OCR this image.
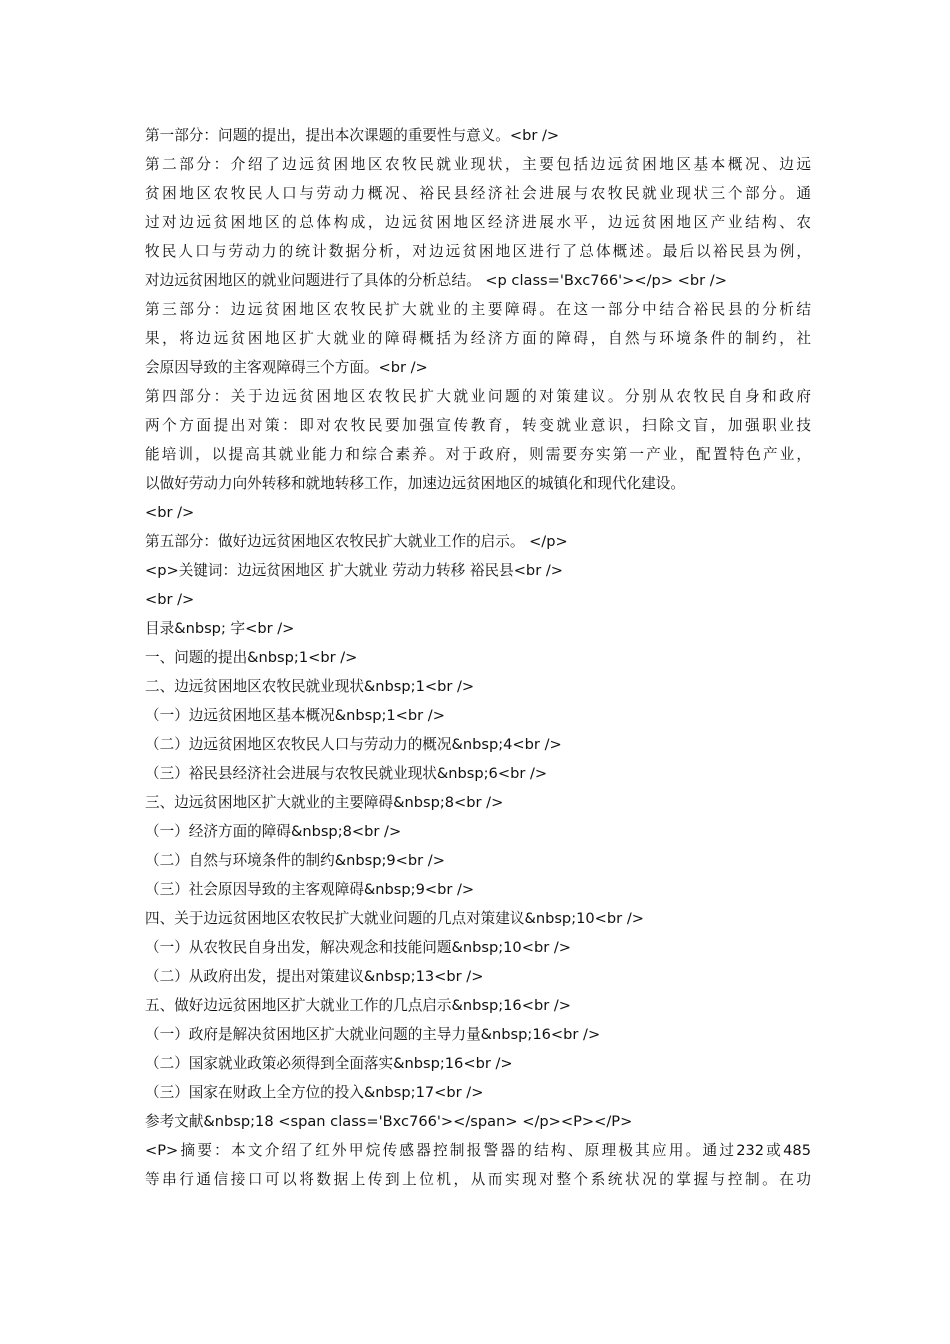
第一部分：问题的提出，提出本次课题的重要性与意义。<br />
第二部分：介绍了边远贫困地区农牧民就业现状，主要包括边远贫困地区基本概况、边远
贫困地区农牧民人口与劳动力概况、裕民县经济社会进展与农牧民就业现状三个部分。通
过对边远贫困地区的总体构成，边远贫困地区经济进展水平，边远贫困地区产业结构、农
牧民人口与劳动力的统计数据分析，对边远贫困地区进行了总体概述。最后以裕民县为例，
对边远贫困地区的就业问题进行了具体的分析总结。 <p class='Bxc766'></p> <br />
第三部分：边远贫困地区农牧民扩大就业的主要障碍。在这一部分中结合裕民县的分析结
果，将边远贫困地区扩大就业的障碍概括为经济方面的障碍，自然与环境条件的制约，社
会原因导致的主客观障碍三个方面。<br />
第四部分：关于边远贫困地区农牧民扩大就业问题的对策建议。分别从农牧民自身和政府
两个方面提出对策：即对农牧民要加强宣传教育，转变就业意识，扫除文盲，加强职业技
能培训，以提高其就业能力和综合素养。对于政府，则需要夯实第一产业，配置特色产业，
以做好劳动力向外转移和就地转移工作，加速边远贫困地区的城镇化和现代化建设。
<br />
第五部分：做好边远贫困地区农牧民扩大就业工作的启示。 </p>
<p>关键词：边远贫困地区 扩大就业 劳动力转移 裕民县<br />
<br />
目录&nbsp; 字<br />
一、问题的提出&nbsp;1<br />
二、边远贫困地区农牧民就业现状&nbsp;1<br />
（一）边远贫困地区基本概况&nbsp;1<br />
（二）边远贫困地区农牧民人口与劳动力的概况&nbsp;4<br />
（三）裕民县经济社会进展与农牧民就业现状&nbsp;6<br />
三、边远贫困地区扩大就业的主要障碍&nbsp;8<br />
（一）经济方面的障碍&nbsp;8<br />
（二）自然与环境条件的制约&nbsp;9<br />
（三）社会原因导致的主客观障碍&nbsp;9<br />
四、关于边远贫困地区农牧民扩大就业问题的几点对策建议&nbsp;10<br />
（一）从农牧民自身出发，解决观念和技能问题&nbsp;10<br />
（二）从政府出发，提出对策建议&nbsp;13<br />
五、做好边远贫困地区扩大就业工作的几点启示&nbsp;16<br />
（一）政府是解决贫困地区扩大就业问题的主导力量&nbsp;16<br />
（二）国家就业政策必须得到全面落实&nbsp;16<br />
（三）国家在财政上全方位的投入&nbsp;17<br />
参考文献&nbsp;18 <span class='Bxc766'></span> </p><P></P>
<P>摘要：本文介绍了红外甲烷传感器控制报警器的结构、原理极其应用。通过232或485
等串行通信接口可以将数据上传到上位机，从而实现对整个系统状况的掌握与控制。在功
